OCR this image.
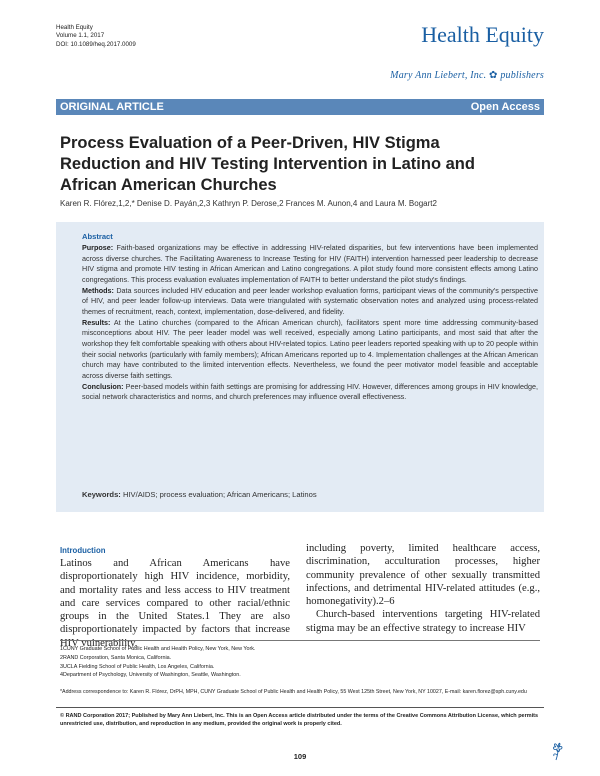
Health Equity
Volume 1.1, 2017
DOI: 10.1089/heq.2017.0009	Health Equity
Mary Ann Liebert, Inc. ✿ publishers
ORIGINAL ARTICLE	Open Access
Process Evaluation of a Peer-Driven, HIV Stigma Reduction and HIV Testing Intervention in Latino and African American Churches
Karen R. Flórez,1,2,* Denise D. Payán,2,3 Kathryn P. Derose,2 Frances M. Aunon,4 and Laura M. Bogart2
Abstract

Purpose: Faith-based organizations may be effective in addressing HIV-related disparities, but few interventions have been implemented across diverse churches. The Facilitating Awareness to Increase Testing for HIV (FAITH) intervention harnessed peer leadership to decrease HIV stigma and promote HIV testing in African American and Latino congregations. A pilot study found more consistent effects among Latino congregations. This process evaluation evaluates implementation of FAITH to better understand the pilot study's findings.

Methods: Data sources included HIV education and peer leader workshop evaluation forms, participant views of the community's perspective of HIV, and peer leader follow-up interviews. Data were triangulated with systematic observation notes and analyzed using process-related themes of recruitment, reach, context, implementation, dose-delivered, and fidelity.

Results: At the Latino churches (compared to the African American church), facilitators spent more time addressing community-based misconceptions about HIV. The peer leader model was well received, especially among Latino participants, and most said that after the workshop they felt comfortable speaking with others about HIV-related topics. Latino peer leaders reported speaking with up to 20 people within their social networks (particularly with family members); African Americans reported up to 4. Implementation challenges at the African American church may have contributed to the limited intervention effects. Nevertheless, we found the peer motivator model feasible and acceptable across diverse faith settings.

Conclusion: Peer-based models within faith settings are promising for addressing HIV. However, differences among groups in HIV knowledge, social network characteristics and norms, and church preferences may influence overall effectiveness.

Keywords: HIV/AIDS; process evaluation; African Americans; Latinos
Introduction

Latinos and African Americans have disproportionately high HIV incidence, morbidity, and mortality rates and less access to HIV treatment and care services compared to other racial/ethnic groups in the United States.1 They are also disproportionately impacted by factors that increase HIV vulnerability,

including poverty, limited healthcare access, discrimination, acculturation processes, higher community prevalence of other sexually transmitted infections, and detrimental HIV-related attitudes (e.g., homonegativity).2–6

Church-based interventions targeting HIV-related stigma may be an effective strategy to increase HIV

1CUNY Graduate School of Public Health and Health Policy, New York, New York.
2RAND Corporation, Santa Monica, California.
3UCLA Fielding School of Public Health, Los Angeles, California.
4Department of Psychology, University of Washington, Seattle, Washington.
*Address correspondence to: Karen R. Flórez, DrPH, MPH, CUNY Graduate School of Public Health and Health Policy, 55 West 125th Street, New York, NY 10027, E-mail: karen.florez@sph.cuny.edu
© RAND Corporation 2017; Published by Mary Ann Liebert, Inc. This is an Open Access article distributed under the terms of the Creative Commons Attribution License, which permits unrestricted use, distribution, and reproduction in any medium, provided the original work is properly cited.
109
